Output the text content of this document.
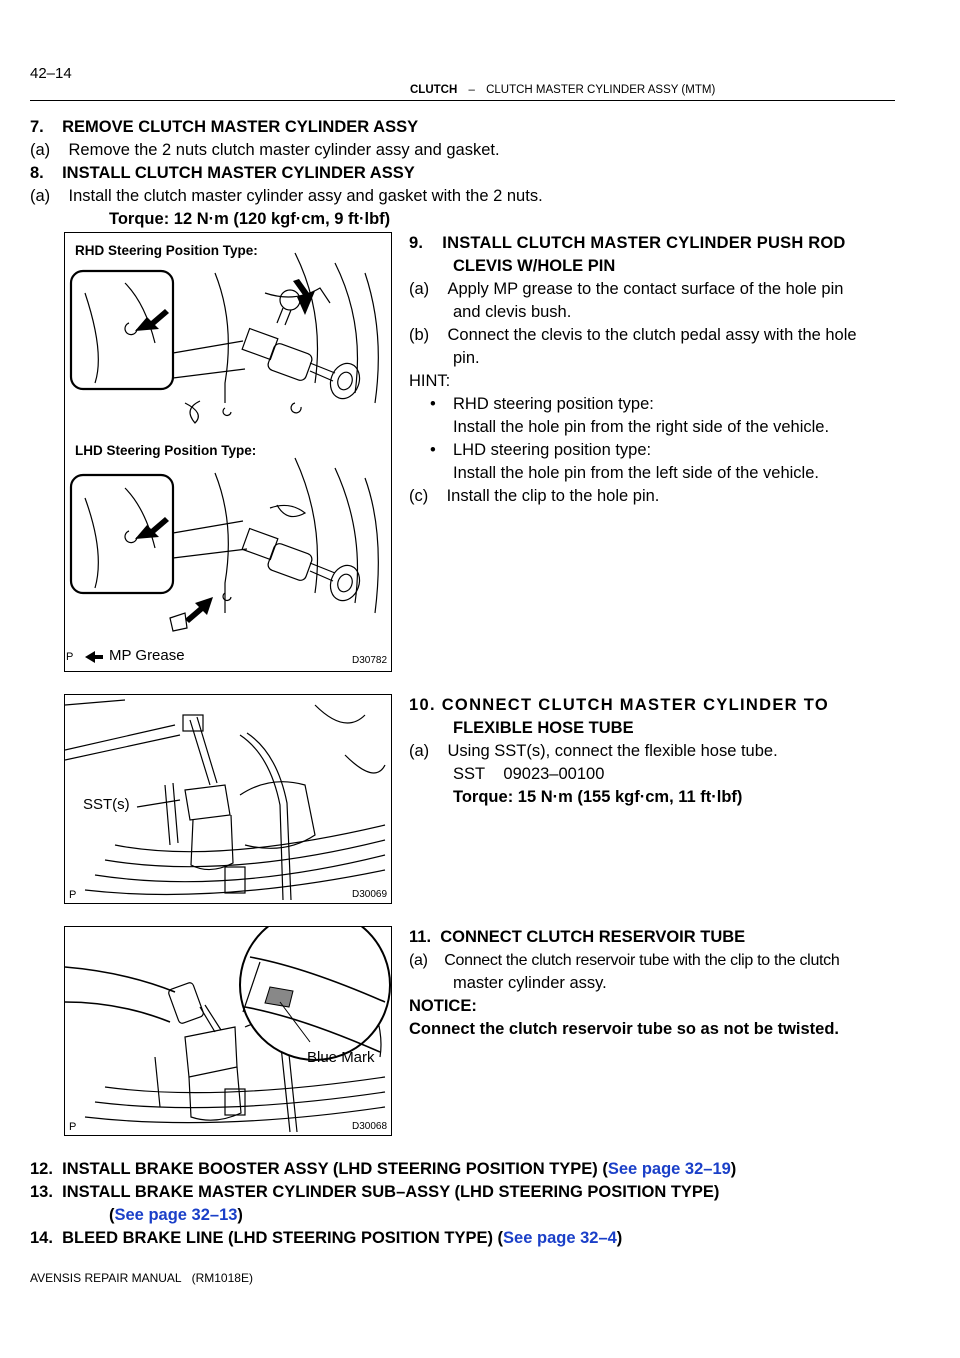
42–14
CLUTCH – CLUTCH MASTER CYLINDER ASSY (MTM)
7.    REMOVE CLUTCH MASTER CYLINDER ASSY
(a)    Remove the 2 nuts clutch master cylinder assy and gasket.
8.    INSTALL CLUTCH MASTER CYLINDER ASSY
(a)    Install the clutch master cylinder assy and gasket with the 2 nuts.
Torque: 12 N·m (120 kgf·cm, 9 ft·lbf)
9.    INSTALL CLUTCH MASTER CYLINDER PUSH ROD
CLEVIS W/HOLE PIN
(a)    Apply MP grease to the contact surface of the hole pin
and clevis bush.
(b)    Connect the clevis to the clutch pedal assy with the hole
pin.
HINT:
• RHD steering position type:
Install the hole pin from the right side of the vehicle.
• LHD steering position type:
Install the hole pin from the left side of the vehicle.
(c)    Install the clip to the hole pin.
RHD Steering Position Type:
LHD Steering Position Type:
P MP Grease	D30782
10. CONNECT CLUTCH MASTER CYLINDER TO
FLEXIBLE HOSE TUBE
(a)    Using SST(s), connect the flexible hose tube.
SST    09023–00100
Torque: 15 N·m (155 kgf·cm, 11 ft·lbf)
SST(s)
P	D30069
11.  CONNECT CLUTCH RESERVOIR TUBE
(a)    Connect the clutch reservoir tube with the clip to the clutch
master cylinder assy.
NOTICE:
Connect the clutch reservoir tube so as not be twisted.
Blue Mark
P	D30068
12.  INSTALL BRAKE BOOSTER ASSY (LHD STEERING POSITION TYPE) (See page 32–19)
13.  INSTALL BRAKE MASTER CYLINDER SUB–ASSY (LHD STEERING POSITION TYPE)
(See page 32–13)
14.  BLEED BRAKE LINE (LHD STEERING POSITION TYPE) (See page 32–4)
AVENSIS REPAIR MANUAL   (RM1018E)
